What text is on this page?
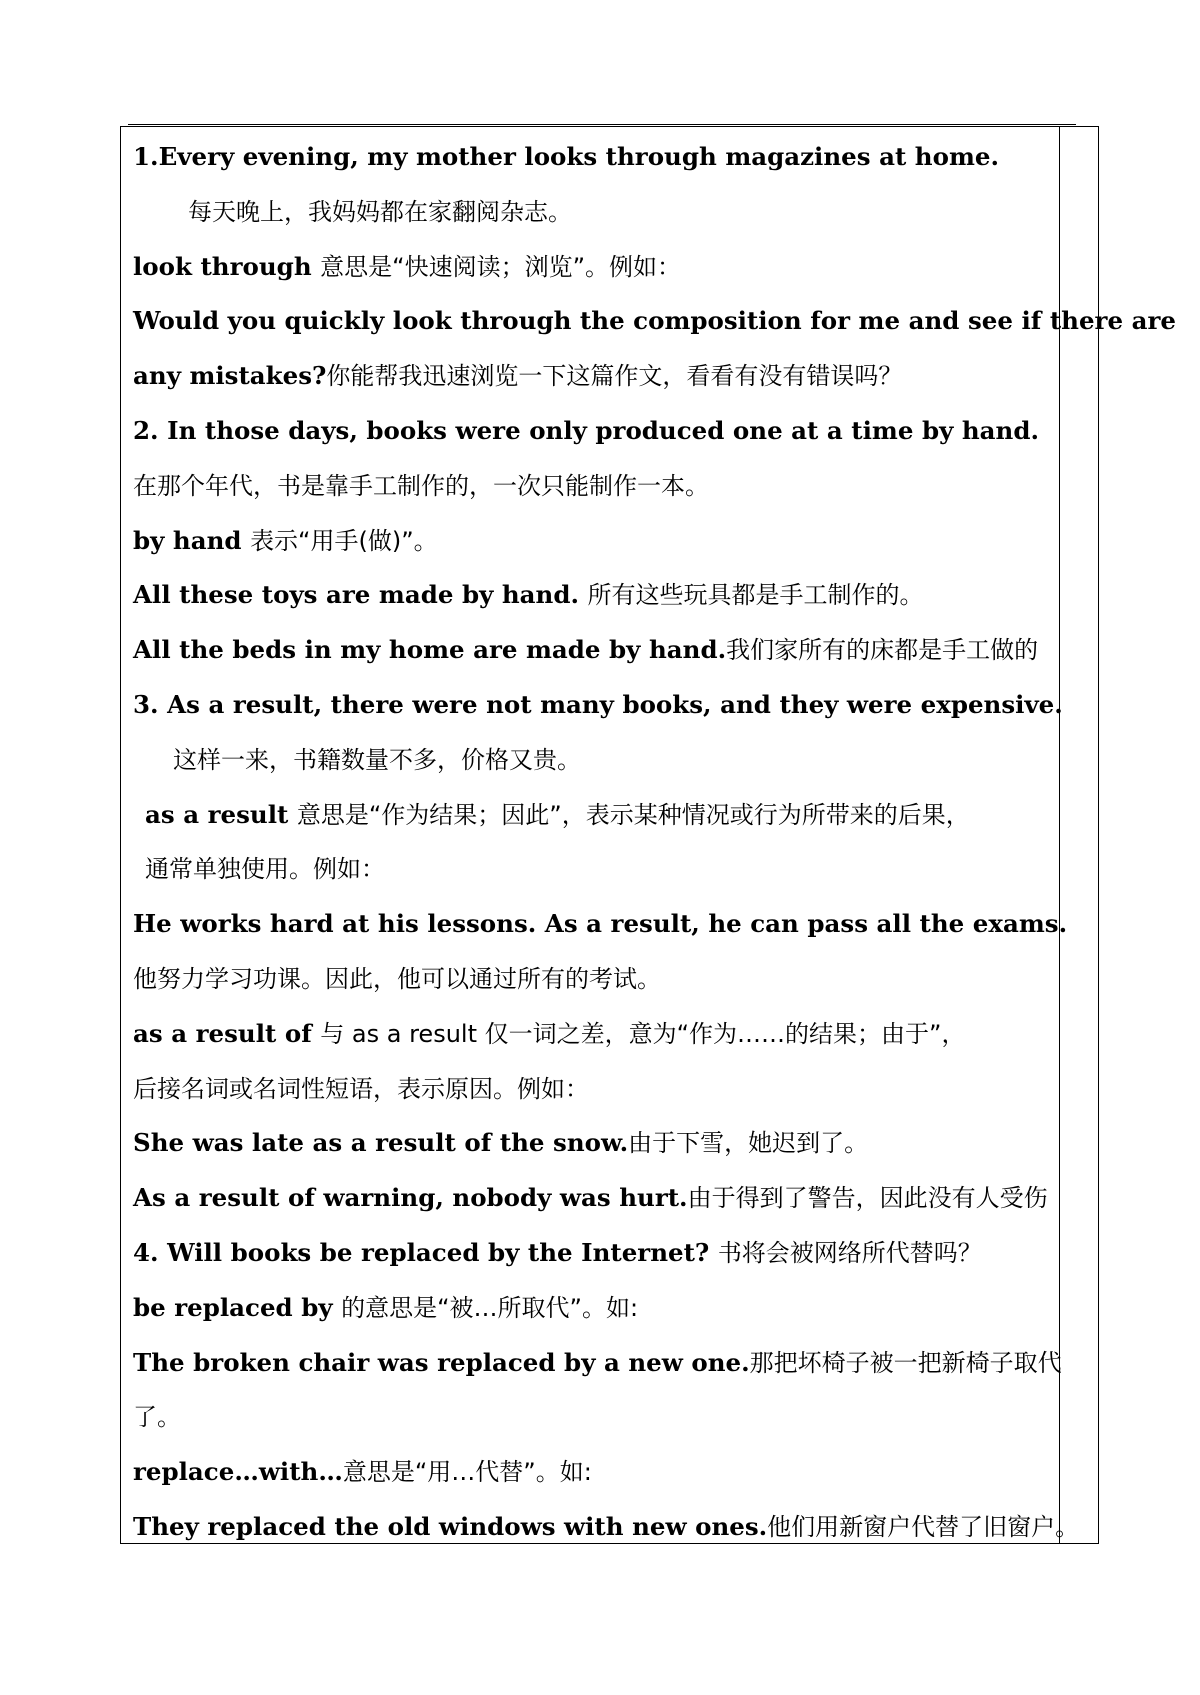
1.Every evening, my mother looks through magazines at home.
每天晚上，我妈妈都在家翻阅杂志。
look through 意思是“快速阅读；浏览”。例如：
Would you quickly look through the composition for me and see if there are
any mistakes?你能帮我迅速浏览一下这篇作文，看看有没有错误吗？
2. In those days, books were only produced one at a time by hand.
在那个年代，书是靠手工制作的，一次只能制作一本。
by hand 表示“用手(做)”。
All these toys are made by hand. 所有这些玩具都是手工制作的。
All the beds in my home are made by hand.我们家所有的床都是手工做的
3. As a result, there were not many books, and they were expensive.
这样一来，书籍数量不多，价格又贵。
as a result 意思是“作为结果；因此”，表示某种情况或行为所带来的后果，
通常单独使用。例如：
He works hard at his lessons. As a result, he can pass all the exams.
他努力学习功课。因此，他可以通过所有的考试。
as a result of 与 as a result 仅一词之差，意为“作为……的结果；由于”，
后接名词或名词性短语，表示原因。例如：
She was late as a result of the snow.由于下雪，她迟到了。
As a result of warning, nobody was hurt.由于得到了警告，因此没有人受伤
4. Will books be replaced by the Internet? 书将会被网络所代替吗？
be replaced by 的意思是“被…所取代”。如:
The broken chair was replaced by a new one.那把坏椅子被一把新椅子取代
了。
replace…with…意思是“用…代替”。如:
They replaced the old windows with new ones.他们用新窗户代替了旧窗户。
